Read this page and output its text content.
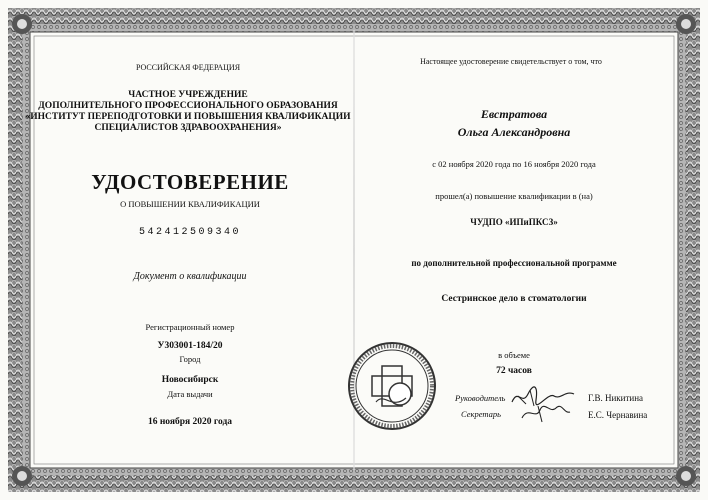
РОССИЙСКАЯ ФЕДЕРАЦИЯ
ЧАСТНОЕ УЧРЕЖДЕНИЕ
ДОПОЛНИТЕЛЬНОГО ПРОФЕССИОНАЛЬНОГО ОБРАЗОВАНИЯ
«ИНСТИТУТ ПЕРЕПОДГОТОВКИ И ПОВЫШЕНИЯ КВАЛИФИКАЦИИ
СПЕЦИАЛИСТОВ ЗДРАВООХРАНЕНИЯ»
УДОСТОВЕРЕНИЕ
О ПОВЫШЕНИИ КВАЛИФИКАЦИИ
542412509340
Документ о квалификации
Регистрационный номер
У303001-184/20
Город
Новосибирск
Дата выдачи
16 ноября 2020 года
Настоящее удостоверение свидетельствует о том, что
Евстратова
Ольга Александровна
с 02 ноября 2020 года по 16 ноября 2020 года
прошел(а) повышение квалификации в (на)
ЧУДПО «ИПиПКСЗ»
по дополнительной профессиональной программе
Сестринское дело в стоматологии
в объеме
72 часов
Руководитель	Г.В. Никитина
Секретарь	Е.С. Чернавина
